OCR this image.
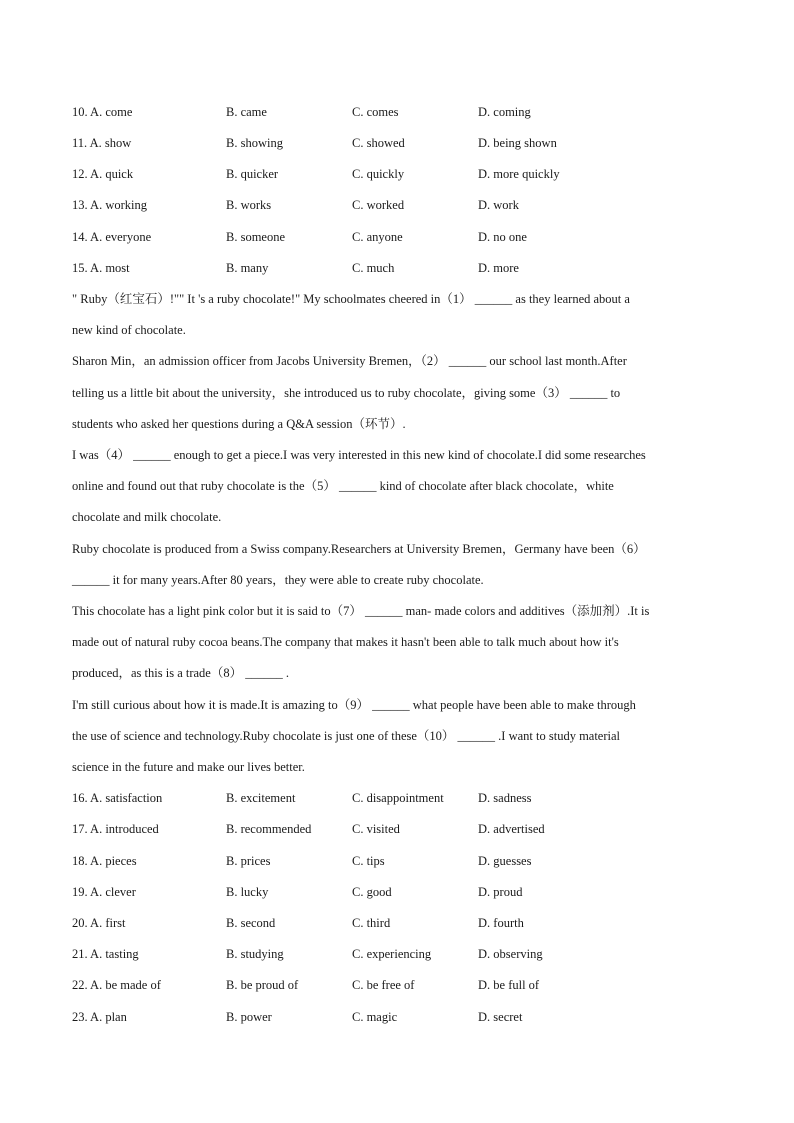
10. A. come	B. came	C. comes	D. coming
11. A. show	B. showing	C. showed	D. being shown
12. A. quick	B. quicker	C. quickly	D. more quickly
13. A. working	B. works	C. worked	D. work
14. A. everyone	B. someone	C. anyone	D. no one
15. A. most	B. many	C. much	D. more
" Ruby（红宝石）!"" It 's a ruby chocolate!" My schoolmates cheered in（1） ______ as they learned about a
new kind of chocolate.
Sharon Min，an admission officer from Jacobs University Bremen，（2） ______ our school last month.After
telling us a little bit about the university，she introduced us to ruby chocolate，giving some（3） ______ to
students who asked her questions during a Q&A session（环节）.
I was（4） ______ enough to get a piece.I was very interested in this new kind of chocolate.I did some researches
online and found out that ruby chocolate is the（5） ______ kind of chocolate after black chocolate，white
chocolate and milk chocolate.
Ruby chocolate is produced from a Swiss company.Researchers at University Bremen，Germany have been（6）
______ it for many years.After 80 years，they were able to create ruby chocolate.
This chocolate has a light pink color but it is said to（7） ______ man- made colors and additives（添加剂）.It is
made out of natural ruby cocoa beans.The company that makes it hasn't been able to talk much about how it's
produced，as this is a trade（8） ______ .
I'm still curious about how it is made.It is amazing to（9） ______ what people have been able to make through
the use of science and technology.Ruby chocolate is just one of these（10） ______ .I want to study material
science in the future and make our lives better.
16. A. satisfaction	B. excitement	C. disappointment	D. sadness
17. A. introduced	B. recommended	C. visited	D. advertised
18. A. pieces	B. prices	C. tips	D. guesses
19. A. clever	B. lucky	C. good	D. proud
20. A. first	B. second	C. third	D. fourth
21. A. tasting	B. studying	C. experiencing	D. observing
22. A. be made of	B. be proud of	C. be free of	D. be full of
23. A. plan	B. power	C. magic	D. secret
